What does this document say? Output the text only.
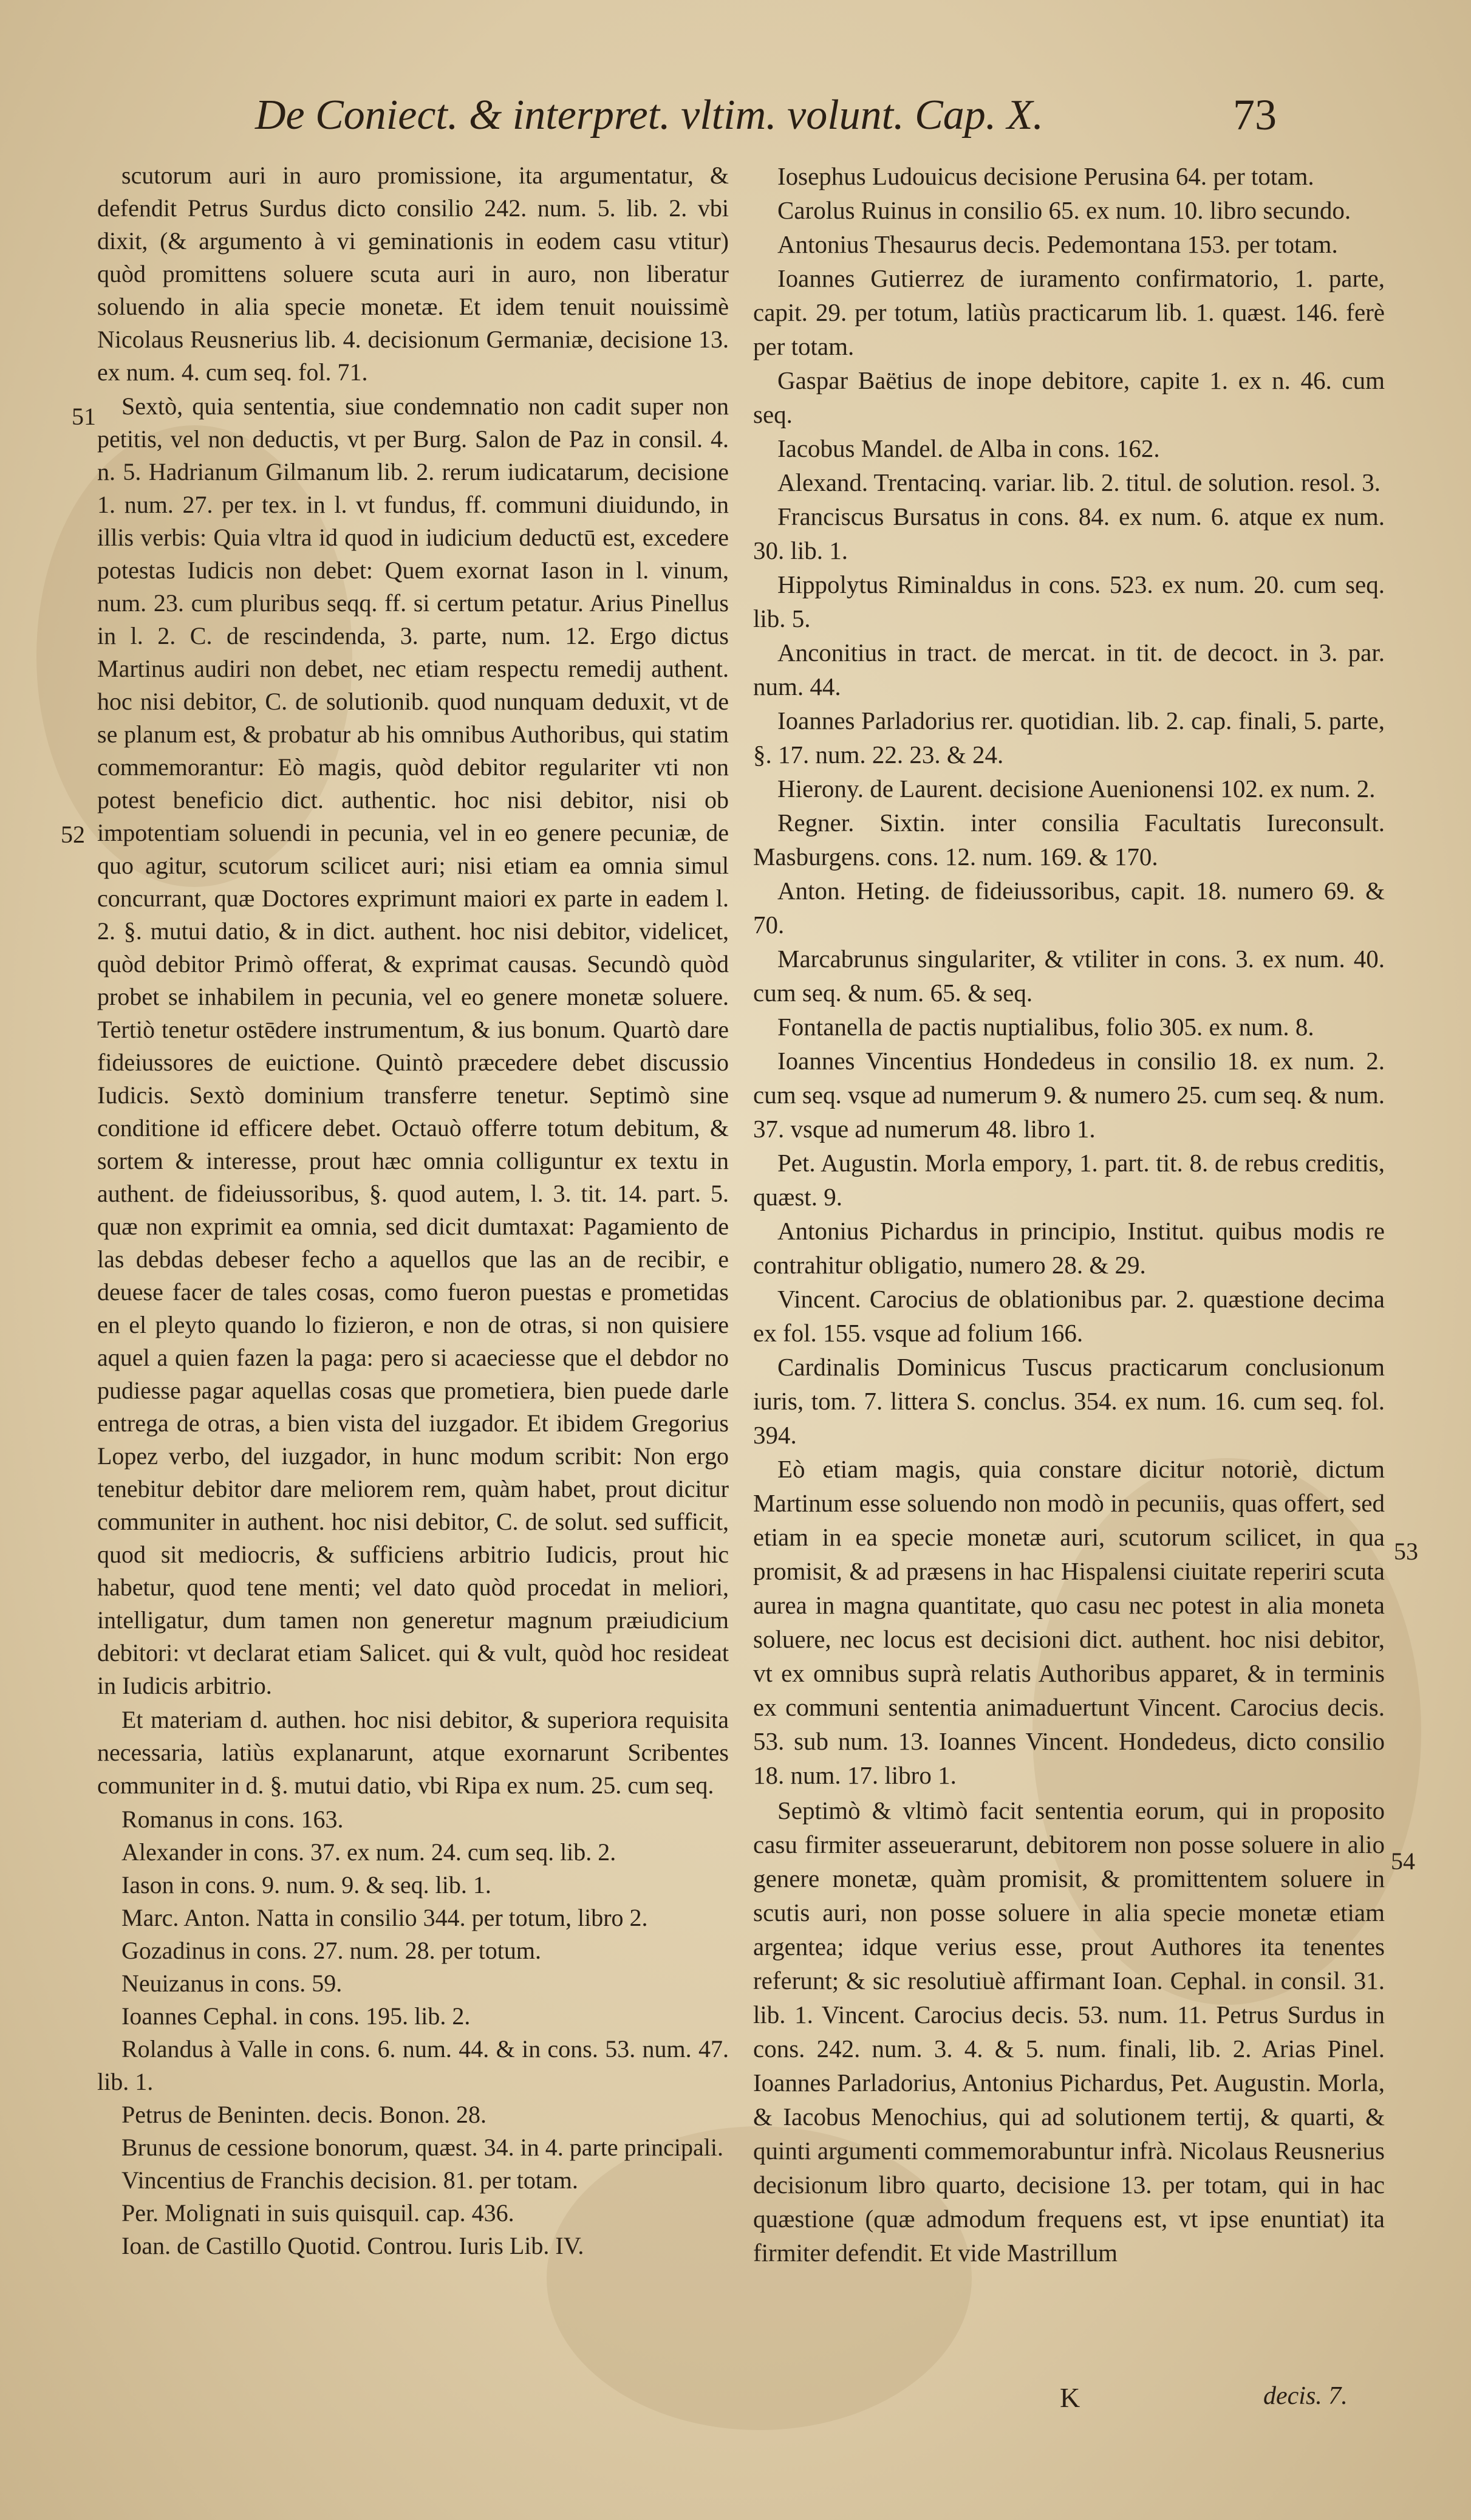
De Coniect. & interpret. vltim. volunt. Cap. X.	73
51
52
53
54

scutorum auri in auro promissione, ita argumentatur, & defendit Petrus Surdus dicto consilio 242. num. 5. lib. 2. vbi dixit, (& argumento à vi geminationis in eodem casu vtitur) quòd promittens soluere scuta auri in auro, non liberatur soluendo in alia specie monetæ. Et idem tenuit nouissimè Nicolaus Reusnerius lib. 4. decisionum Germaniæ, decisione 13. ex num. 4. cum seq. fol. 71.

Sextò, quia sententia, siue condemnatio non cadit super non petitis, vel non deductis, vt per Burg. Salon de Paz in consil. 4. n. 5. Hadrianum Gilmanum lib. 2. rerum iudicatarum, decisione 1. num. 27. per tex. in l. vt fundus, ff. communi diuidundo, in illis verbis: Quia vltra id quod in iudicium deductū est, excedere potestas Iudicis non debet: Quem exornat Iason in l. vinum, num. 23. cum pluribus seqq. ff. si certum petatur. Arius Pinellus in l. 2. C. de rescindenda, 3. parte, num. 12. Ergo dictus Martinus audiri non debet, nec etiam respectu remedij authent. hoc nisi debitor, C. de solutionib. quod nunquam deduxit, vt de se planum est, & probatur ab his omnibus Authoribus, qui statim commemorantur: Eò magis, quòd debitor regulariter vti non potest beneficio dict. authentic. hoc nisi debitor, nisi ob impotentiam soluendi in pecunia, vel in eo genere pecuniæ, de quo agitur, scutorum scilicet auri; nisi etiam ea omnia simul concurrant, quæ Doctores exprimunt maiori ex parte in eadem l. 2. §. mutui datio, & in dict. authent. hoc nisi debitor, videlicet, quòd debitor Primò offerat, & exprimat causas. Secundò quòd probet se inhabilem in pecunia, vel eo genere monetæ soluere. Tertiò tenetur ostēdere instrumentum, & ius bonum. Quartò dare fideiussores de euictione. Quintò præcedere debet discussio Iudicis. Sextò dominium transferre tenetur. Septimò sine conditione id efficere debet. Octauò offerre totum debitum, & sortem & interesse, prout hæc omnia colliguntur ex textu in authent. de fideiussoribus, §. quod autem, l. 3. tit. 14. part. 5. quæ non exprimit ea omnia, sed dicit dumtaxat: Pagamiento de las debdas debeser fecho a aquellos que las an de recibir, e deuese facer de tales cosas, como fueron puestas e prometidas en el pleyto quando lo fizieron, e non de otras, si non quisiere aquel a quien fazen la paga: pero si acaeciesse que el debdor no pudiesse pagar aquellas cosas que prometiera, bien puede darle entrega de otras, a bien vista del iuzgador. Et ibidem Gregorius Lopez verbo, del iuzgador, in hunc modum scribit: Non ergo tenebitur debitor dare meliorem rem, quàm habet, prout dicitur communiter in authent. hoc nisi debitor, C. de solut. sed sufficit, quod sit mediocris, & sufficiens arbitrio Iudicis, prout hic habetur, quod tene menti; vel dato quòd procedat in meliori, intelligatur, dum tamen non generetur magnum præiudicium debitori: vt declarat etiam Salicet. qui & vult, quòd hoc resideat in Iudicis arbitrio.

Et materiam d. authen. hoc nisi debitor, & superiora requisita necessaria, latiùs explanarunt, atque exornarunt Scribentes communiter in d. §. mutui datio, vbi Ripa ex num. 25. cum seq.

Romanus in cons. 163.

Alexander in cons. 37. ex num. 24. cum seq. lib. 2.

Iason in cons. 9. num. 9. & seq. lib. 1.

Marc. Anton. Natta in consilio 344. per totum, libro 2.

Gozadinus in cons. 27. num. 28. per totum.

Neuizanus in cons. 59.

Ioannes Cephal. in cons. 195. lib. 2.

Rolandus à Valle in cons. 6. num. 44. & in cons. 53. num. 47. lib. 1.

Petrus de Beninten. decis. Bonon. 28.

Brunus de cessione bonorum, quæst. 34. in 4. parte principali.

Vincentius de Franchis decision. 81. per totam.

Per. Molignati in suis quisquil. cap. 436.

Ioan. de Castillo Quotid. Controu. Iuris Lib. IV.

Iosephus Ludouicus decisione Perusina 64. per totam.

Carolus Ruinus in consilio 65. ex num. 10. libro secundo.

Antonius Thesaurus decis. Pedemontana 153. per totam.

Ioannes Gutierrez de iuramento confirmatorio, 1. parte, capit. 29. per totum, latiùs practicarum lib. 1. quæst. 146. ferè per totam.

Gaspar Baëtius de inope debitore, capite 1. ex n. 46. cum seq.

Iacobus Mandel. de Alba in cons. 162.

Alexand. Trentacinq. variar. lib. 2. titul. de solution. resol. 3.

Franciscus Bursatus in cons. 84. ex num. 6. atque ex num. 30. lib. 1.

Hippolytus Riminaldus in cons. 523. ex num. 20. cum seq. lib. 5.

Anconitius in tract. de mercat. in tit. de decoct. in 3. par. num. 44.

Ioannes Parladorius rer. quotidian. lib. 2. cap. finali, 5. parte, §. 17. num. 22. 23. & 24.

Hierony. de Laurent. decisione Auenionensi 102. ex num. 2.

Regner. Sixtin. inter consilia Facultatis Iureconsult. Masburgens. cons. 12. num. 169. & 170.

Anton. Heting. de fideiussoribus, capit. 18. numero 69. & 70.

Marcabrunus singulariter, & vtiliter in cons. 3. ex num. 40. cum seq. & num. 65. & seq.

Fontanella de pactis nuptialibus, folio 305. ex num. 8.

Ioannes Vincentius Hondedeus in consilio 18. ex num. 2. cum seq. vsque ad numerum 9. & numero 25. cum seq. & num. 37. vsque ad numerum 48. libro 1.

Pet. Augustin. Morla empory, 1. part. tit. 8. de rebus creditis, quæst. 9.

Antonius Pichardus in principio, Institut. quibus modis re contrahitur obligatio, numero 28. & 29.

Vincent. Carocius de oblationibus par. 2. quæstione decima ex fol. 155. vsque ad folium 166.

Cardinalis Dominicus Tuscus practicarum conclusionum iuris, tom. 7. littera S. conclus. 354. ex num. 16. cum seq. fol. 394.

Eò etiam magis, quia constare dicitur notoriè, dictum Martinum esse soluendo non modò in pecuniis, quas offert, sed etiam in ea specie monetæ auri, scutorum scilicet, in qua promisit, & ad præsens in hac Hispalensi ciuitate reperiri scuta aurea in magna quantitate, quo casu nec potest in alia moneta soluere, nec locus est decisioni dict. authent. hoc nisi debitor, vt ex omnibus suprà relatis Authoribus apparet, & in terminis ex communi sententia animaduertunt Vincent. Carocius decis. 53. sub num. 13. Ioannes Vincent. Hondedeus, dicto consilio 18. num. 17. libro 1.

Septimò & vltimò facit sententia eorum, qui in proposito casu firmiter asseuerarunt, debitorem non posse soluere in alio genere monetæ, quàm promisit, & promittentem soluere in scutis auri, non posse soluere in alia specie monetæ etiam argentea; idque verius esse, prout Authores ita tenentes referunt; & sic resolutiuè affirmant Ioan. Cephal. in consil. 31. lib. 1. Vincent. Carocius decis. 53. num. 11. Petrus Surdus in cons. 242. num. 3. 4. & 5. num. finali, lib. 2. Arias Pinel. Ioannes Parladorius, Antonius Pichardus, Pet. Augustin. Morla, & Iacobus Menochius, qui ad solutionem tertij, & quarti, & quinti argumenti commemorabuntur infrà. Nicolaus Reusnerius decisionum libro quarto, decisione 13. per totam, qui in hac quæstione (quæ admodum frequens est, vt ipse enuntiat) ita firmiter defendit. Et vide Mastrillum

K	decis. 7.
